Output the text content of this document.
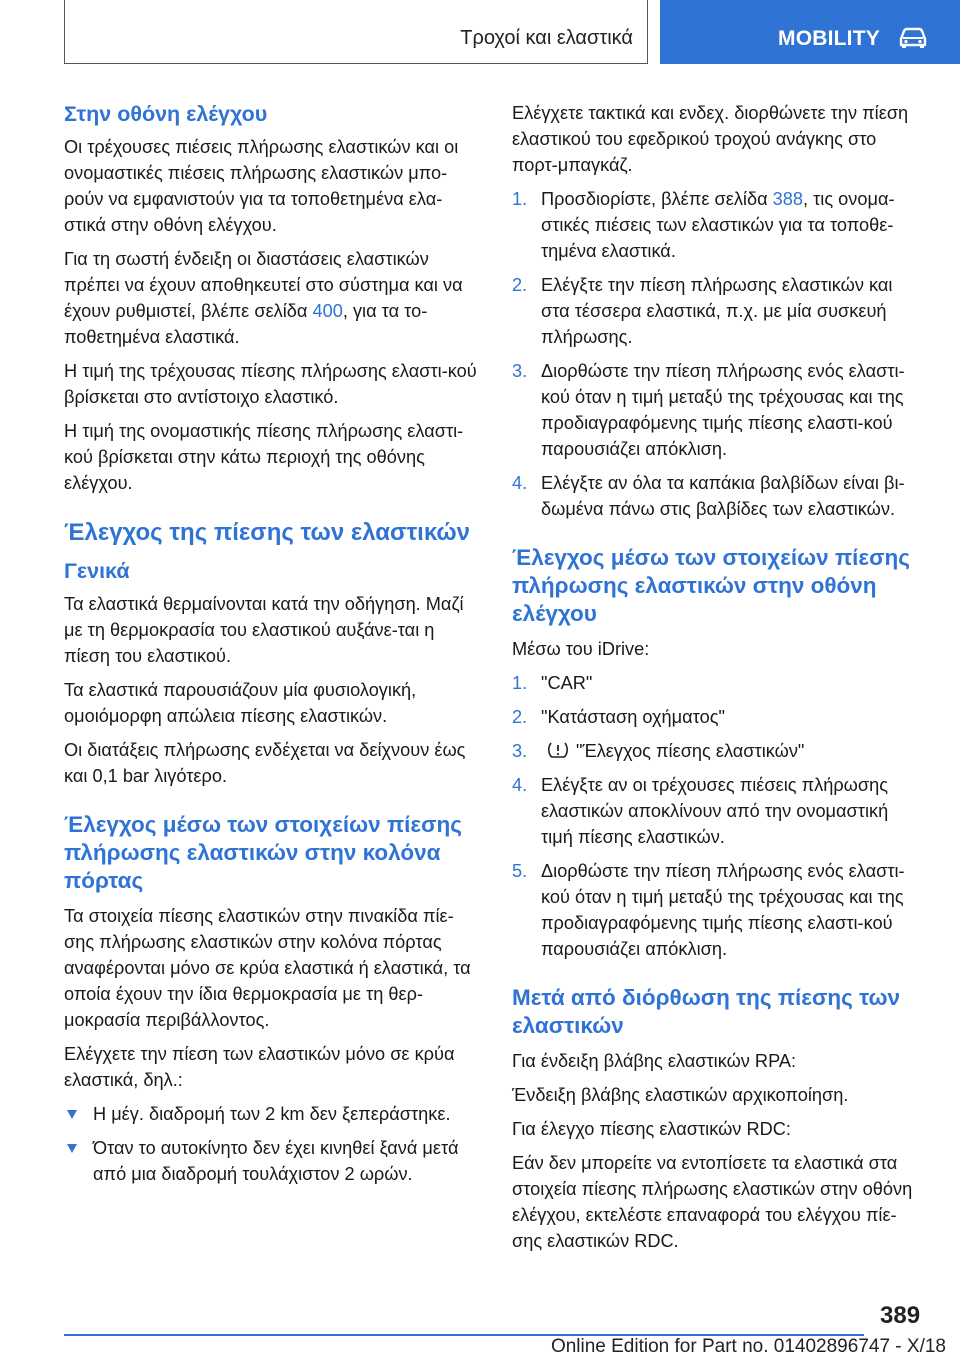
Τροχοί και ελαστικά	MOBILITY
Στην οθόνη ελέγχου

Οι τρέχουσες πιέσεις πλήρωσης ελαστικών και οι ονομαστικές πιέσεις πλήρωσης ελαστικών μπο-ρούν να εμφανιστούν για τα τοποθετημένα ελα-στικά στην οθόνη ελέγχου.

Για τη σωστή ένδειξη οι διαστάσεις ελαστικών πρέπει να έχουν αποθηκευτεί στο σύστημα και να έχουν ρυθμιστεί, βλέπε σελίδα 400, για τα το-ποθετημένα ελαστικά.

Η τιμή της τρέχουσας πίεσης πλήρωσης ελαστι-κού βρίσκεται στο αντίστοιχο ελαστικό.

Η τιμή της ονομαστικής πίεσης πλήρωσης ελαστι-κού βρίσκεται στην κάτω περιοχή της οθόνης ελέγχου.

Έλεγχος της πίεσης των ελαστικών
Γενικά

Τα ελαστικά θερμαίνονται κατά την οδήγηση. Μαζί με τη θερμοκρασία του ελαστικού αυξάνε-ται η πίεση του ελαστικού.

Τα ελαστικά παρουσιάζουν μία φυσιολογική, ομοιόμορφη απώλεια πίεσης ελαστικών.

Οι διατάξεις πλήρωσης ενδέχεται να δείχνουν έως και 0,1 bar λιγότερο.

Έλεγχος μέσω των στοιχείων πίεσης πλήρωσης ελαστικών στην κολόνα πόρτας

Τα στοιχεία πίεσης ελαστικών στην πινακίδα πίε-σης πλήρωσης ελαστικών στην κολόνα πόρτας αναφέρονται μόνο σε κρύα ελαστικά ή ελαστικά, τα οποία έχουν την ίδια θερμοκρασία με τη θερ-μοκρασία περιβάλλοντος.

Ελέγχετε την πίεση των ελαστικών μόνο σε κρύα ελαστικά, δηλ.:

Η μέγ. διαδρομή των 2 km δεν ξεπεράστηκε.
Όταν το αυτοκίνητο δεν έχει κινηθεί ξανά μετά από μια διαδρομή τουλάχιστον 2 ωρών.

Ελέγχετε τακτικά και ενδεχ. διορθώνετε την πίεση ελαστικού του εφεδρικού τροχού ανάγκης στο πορτ-μπαγκάζ.

1. Προσδιορίστε, βλέπε σελίδα 388, τις ονομα-στικές πιέσεις των ελαστικών για τα τοποθε-τημένα ελαστικά.
2. Ελέγξτε την πίεση πλήρωσης ελαστικών και στα τέσσερα ελαστικά, π.χ. με μία συσκευή πλήρωσης.
3. Διορθώστε την πίεση πλήρωσης ενός ελαστι-κού όταν η τιμή μεταξύ της τρέχουσας και της προδιαγραφόμενης τιμής πίεσης ελαστι-κού παρουσιάζει απόκλιση.
4. Ελέγξτε αν όλα τα καπάκια βαλβίδων είναι βι-δωμένα πάνω στις βαλβίδες των ελαστικών.
Έλεγχος μέσω των στοιχείων πίεσης πλήρωσης ελαστικών στην οθόνη ελέγχου

Μέσω του iDrive:

1. "CAR"
2. "Κατάσταση οχήματος"
3.	"Έλεγχος πίεσης ελαστικών"
4. Ελέγξτε αν οι τρέχουσες πιέσεις πλήρωσης ελαστικών αποκλίνουν από την ονομαστική τιμή πίεσης ελαστικών.
5. Διορθώστε την πίεση πλήρωσης ενός ελαστι-κού όταν η τιμή μεταξύ της τρέχουσας και της προδιαγραφόμενης τιμής πίεσης ελαστι-κού παρουσιάζει απόκλιση.
Μετά από διόρθωση της πίεσης των ελαστικών

Για ένδειξη βλάβης ελαστικών RPA:

Ένδειξη βλάβης ελαστικών αρχικοποίηση.

Για έλεγχο πίεσης ελαστικών RDC:

Εάν δεν μπορείτε να εντοπίσετε τα ελαστικά στα στοιχεία πίεσης πλήρωσης ελαστικών στην οθόνη ελέγχου, εκτελέστε επαναφορά του ελέγχου πίε-σης ελαστικών RDC.

389
Online Edition for Part no. 01402896747 - X/18
